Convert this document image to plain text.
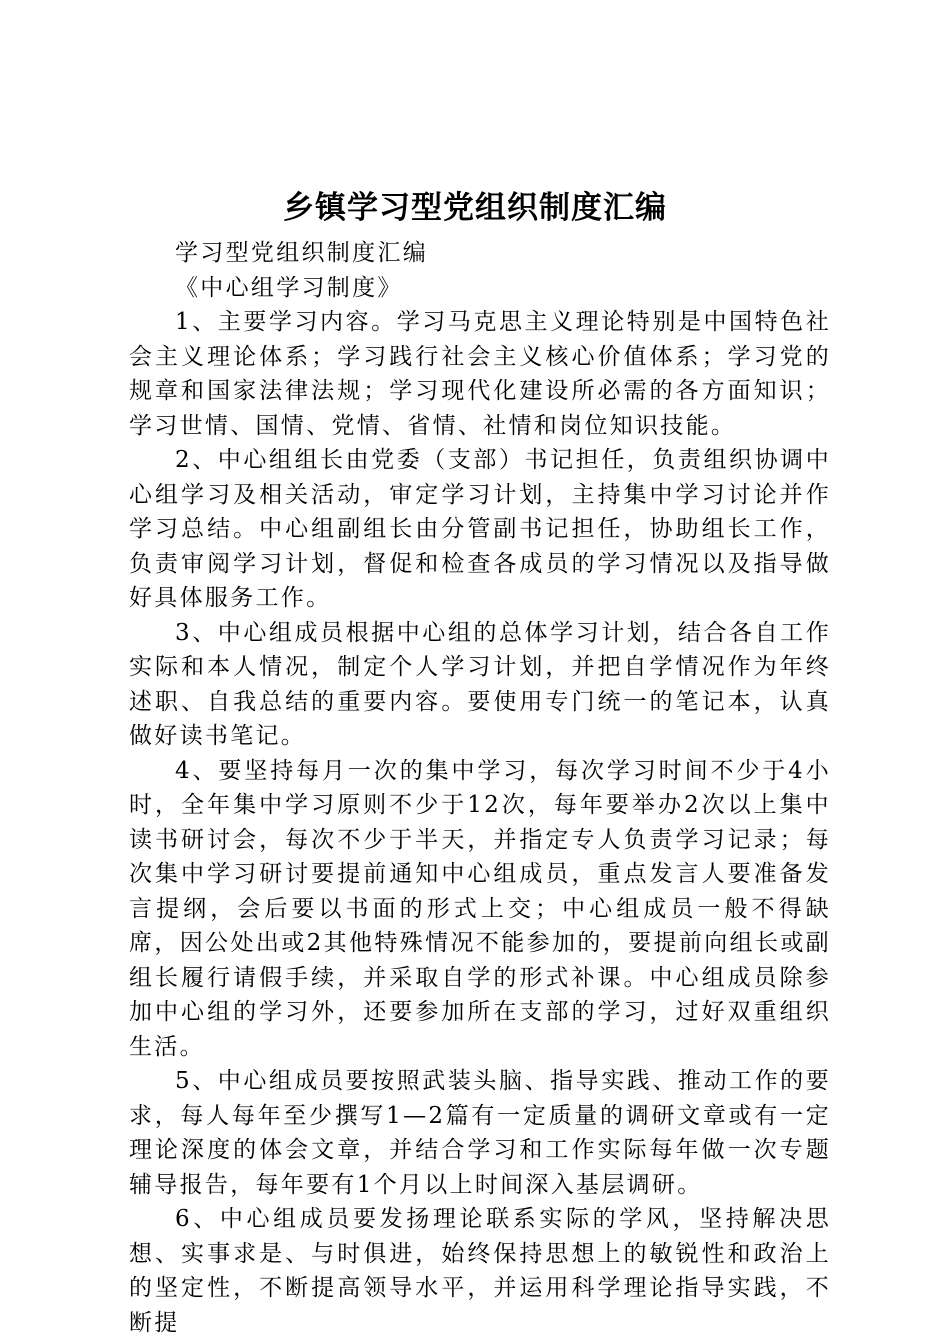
乡镇学习型党组织制度汇编

学习型党组织制度汇编

《中心组学习制度》

1、主要学习内容。学习马克思主义理论特别是中国特色社会主义理论体系；学习践行社会主义核心价值体系；学习党的规章和国家法律法规；学习现代化建设所必需的各方面知识；学习世情、国情、党情、省情、社情和岗位知识技能。

2、中心组组长由党委（支部）书记担任，负责组织协调中心组学习及相关活动，审定学习计划，主持集中学习讨论并作学习总结。中心组副组长由分管副书记担任，协助组长工作，负责审阅学习计划，督促和检查各成员的学习情况以及指导做好具体服务工作。

3、中心组成员根据中心组的总体学习计划，结合各自工作实际和本人情况，制定个人学习计划，并把自学情况作为年终述职、自我总结的重要内容。要使用专门统一的笔记本，认真做好读书笔记。

4、要坚持每月一次的集中学习，每次学习时间不少于4小时，全年集中学习原则不少于12次，每年要举办2次以上集中读书研讨会，每次不少于半天，并指定专人负责学习记录；每次集中学习研讨要提前通知中心组成员，重点发言人要准备发言提纲，会后要以书面的形式上交；中心组成员一般不得缺席，因公处出或2其他特殊情况不能参加的，要提前向组长或副组长履行请假手续，并采取自学的形式补课。中心组成员除参加中心组的学习外，还要参加所在支部的学习，过好双重组织生活。

5、中心组成员要按照武装头脑、指导实践、推动工作的要求，每人每年至少撰写1—2篇有一定质量的调研文章或有一定理论深度的体会文章，并结合学习和工作实际每年做一次专题辅导报告，每年要有1个月以上时间深入基层调研。

6、中心组成员要发扬理论联系实际的学风，坚持解决思想、实事求是、与时俱进，始终保持思想上的敏锐性和政治上的坚定性，不断提高领导水平，并运用科学理论指导实践，不断提
